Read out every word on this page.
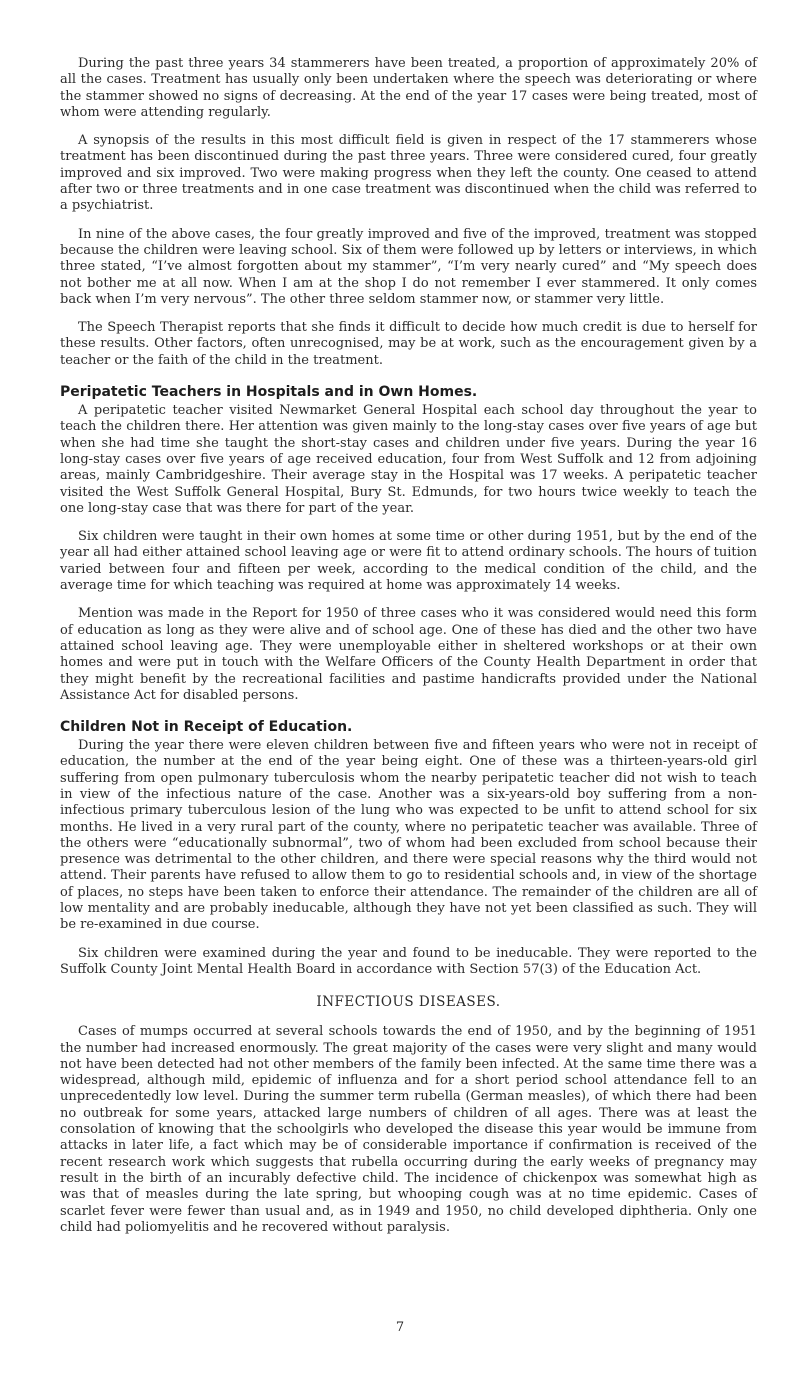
During the past three years 34 stammerers have been treated, a proportion of approximately 20% of all the cases. Treatment has usually only been undertaken where the speech was deteriorating or where the stammer showed no signs of decreasing. At the end of the year 17 cases were being treated, most of whom were attending regularly.

A synopsis of the results in this most difficult field is given in respect of the 17 stammerers whose treatment has been discontinued during the past three years. Three were considered cured, four greatly improved and six improved. Two were making progress when they left the county. One ceased to attend after two or three treatments and in one case treatment was discontinued when the child was referred to a psychiatrist.

In nine of the above cases, the four greatly improved and five of the improved, treatment was stopped because the children were leaving school. Six of them were followed up by letters or interviews, in which three stated, “I’ve almost forgotten about my stammer”, “I’m very nearly cured” and “My speech does not bother me at all now. When I am at the shop I do not remember I ever stammered. It only comes back when I’m very nervous”. The other three seldom stammer now, or stammer very little.

The Speech Therapist reports that she finds it difficult to decide how much credit is due to herself for these results. Other factors, often unrecognised, may be at work, such as the encouragement given by a teacher or the faith of the child in the treatment.

Peripatetic Teachers in Hospitals and in Own Homes.

A peripatetic teacher visited Newmarket General Hospital each school day throughout the year to teach the children there. Her attention was given mainly to the long-stay cases over five years of age but when she had time she taught the short-stay cases and children under five years. During the year 16 long-stay cases over five years of age received education, four from West Suffolk and 12 from adjoining areas, mainly Cambridgeshire. Their average stay in the Hospital was 17 weeks. A peripatetic teacher visited the West Suffolk General Hospital, Bury St. Edmunds, for two hours twice weekly to teach the one long-stay case that was there for part of the year.

Six children were taught in their own homes at some time or other during 1951, but by the end of the year all had either attained school leaving age or were fit to attend ordinary schools. The hours of tuition varied between four and fifteen per week, according to the medical condition of the child, and the average time for which teaching was required at home was approximately 14 weeks.

Mention was made in the Report for 1950 of three cases who it was considered would need this form of education as long as they were alive and of school age. One of these has died and the other two have attained school leaving age. They were unemployable either in sheltered workshops or at their own homes and were put in touch with the Welfare Officers of the County Health Department in order that they might benefit by the recreational facilities and pastime handicrafts provided under the National Assistance Act for disabled persons.

Children Not in Receipt of Education.

During the year there were eleven children between five and fifteen years who were not in receipt of education, the number at the end of the year being eight. One of these was a thirteen-years-old girl suffering from open pulmonary tuberculosis whom the nearby peripatetic teacher did not wish to teach in view of the infectious nature of the case. Another was a six-years-old boy suffering from a non-infectious primary tuberculous lesion of the lung who was expected to be unfit to attend school for six months. He lived in a very rural part of the county, where no peripatetic teacher was available. Three of the others were “educationally subnormal”, two of whom had been excluded from school because their presence was detrimental to the other children, and there were special reasons why the third would not attend. Their parents have refused to allow them to go to residential schools and, in view of the shortage of places, no steps have been taken to enforce their attendance. The remainder of the children are all of low mentality and are probably ineducable, although they have not yet been classified as such. They will be re-examined in due course.

Six children were examined during the year and found to be ineducable. They were reported to the Suffolk County Joint Mental Health Board in accordance with Section 57(3) of the Education Act.

INFECTIOUS DISEASES.

Cases of mumps occurred at several schools towards the end of 1950, and by the beginning of 1951 the number had increased enormously. The great majority of the cases were very slight and many would not have been detected had not other members of the family been infected. At the same time there was a widespread, although mild, epidemic of influenza and for a short period school attendance fell to an unprecedentedly low level. During the summer term rubella (German measles), of which there had been no outbreak for some years, attacked large numbers of children of all ages. There was at least the consolation of knowing that the schoolgirls who developed the disease this year would be immune from attacks in later life, a fact which may be of considerable importance if confirmation is received of the recent research work which suggests that rubella occurring during the early weeks of pregnancy may result in the birth of an incurably defective child. The incidence of chickenpox was somewhat high as was that of measles during the late spring, but whooping cough was at no time epidemic. Cases of scarlet fever were fewer than usual and, as in 1949 and 1950, no child developed diphtheria. Only one child had poliomyelitis and he recovered without paralysis.

7
